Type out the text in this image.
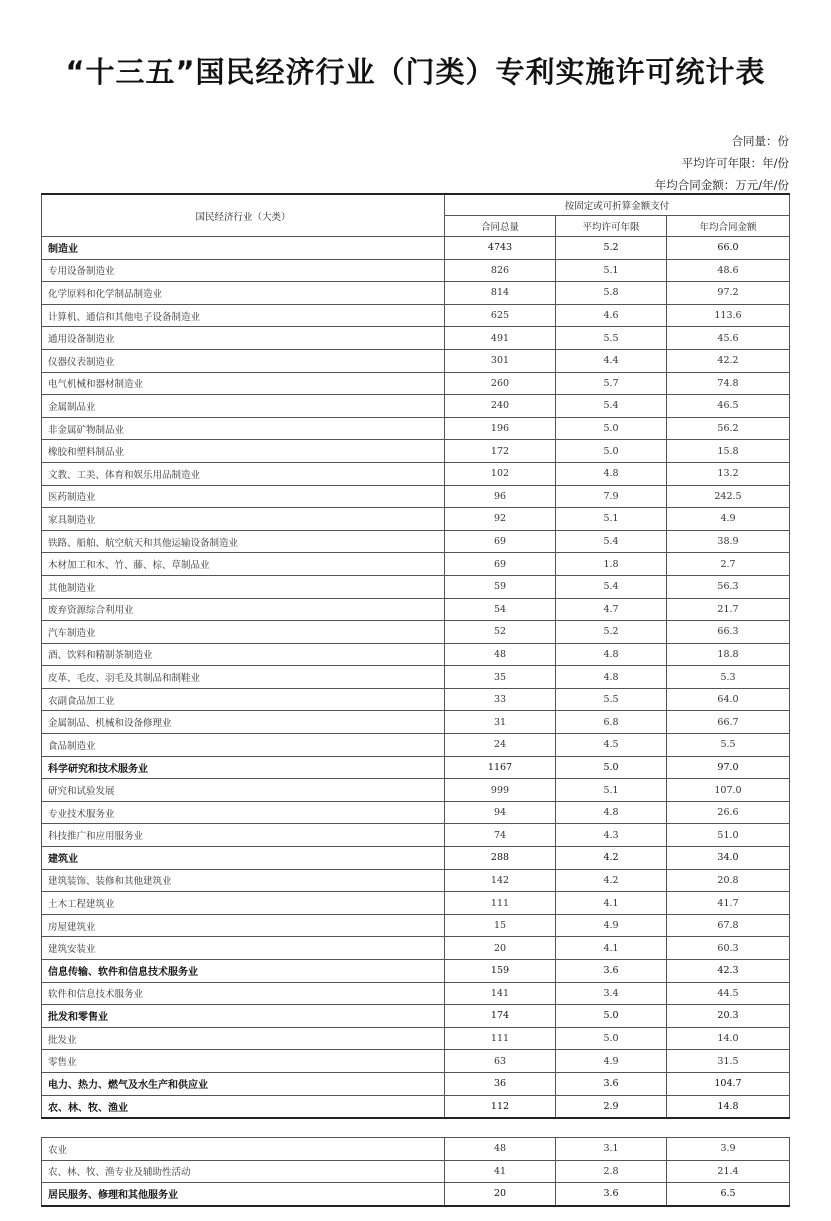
“十三五”国民经济行业（门类）专利实施许可统计表
合同量：份
平均许可年限：年/份
年均合同金额：万元/年/份
国民经济行业（大类）	按固定或可折算金额支付		
	合同总量	平均许可年限	年均合同金额
制造业	4743	5.2	66.0
专用设备制造业	826	5.1	48.6
化学原料和化学制品制造业	814	5.8	97.2
计算机、通信和其他电子设备制造业	625	4.6	113.6
通用设备制造业	491	5.5	45.6
仪器仪表制造业	301	4.4	42.2
电气机械和器材制造业	260	5.7	74.8
金属制品业	240	5.4	46.5
非金属矿物制品业	196	5.0	56.2
橡胶和塑料制品业	172	5.0	15.8
文教、工美、体育和娱乐用品制造业	102	4.8	13.2
医药制造业	96	7.9	242.5
家具制造业	92	5.1	4.9
铁路、船舶、航空航天和其他运输设备制造业	69	5.4	38.9
木材加工和木、竹、藤、棕、草制品业	69	1.8	2.7
其他制造业	59	5.4	56.3
废弃资源综合利用业	54	4.7	21.7
汽车制造业	52	5.2	66.3
酒、饮料和精制茶制造业	48	4.8	18.8
皮革、毛皮、羽毛及其制品和制鞋业	35	4.8	5.3
农副食品加工业	33	5.5	64.0
金属制品、机械和设备修理业	31	6.8	66.7
食品制造业	24	4.5	5.5
科学研究和技术服务业	1167	5.0	97.0
研究和试验发展	999	5.1	107.0
专业技术服务业	94	4.8	26.6
科技推广和应用服务业	74	4.3	51.0
建筑业	288	4.2	34.0
建筑装饰、装修和其他建筑业	142	4.2	20.8
土木工程建筑业	111	4.1	41.7
房屋建筑业	15	4.9	67.8
建筑安装业	20	4.1	60.3
信息传输、软件和信息技术服务业	159	3.6	42.3
软件和信息技术服务业	141	3.4	44.5
批发和零售业	174	5.0	20.3
批发业	111	5.0	14.0
零售业	63	4.9	31.5
电力、热力、燃气及水生产和供应业	36	3.6	104.7
农、林、牧、渔业	112	2.9	14.8
农业	48	3.1	3.9
农、林、牧、渔专业及辅助性活动	41	2.8	21.4
居民服务、修理和其他服务业	20	3.6	6.5
